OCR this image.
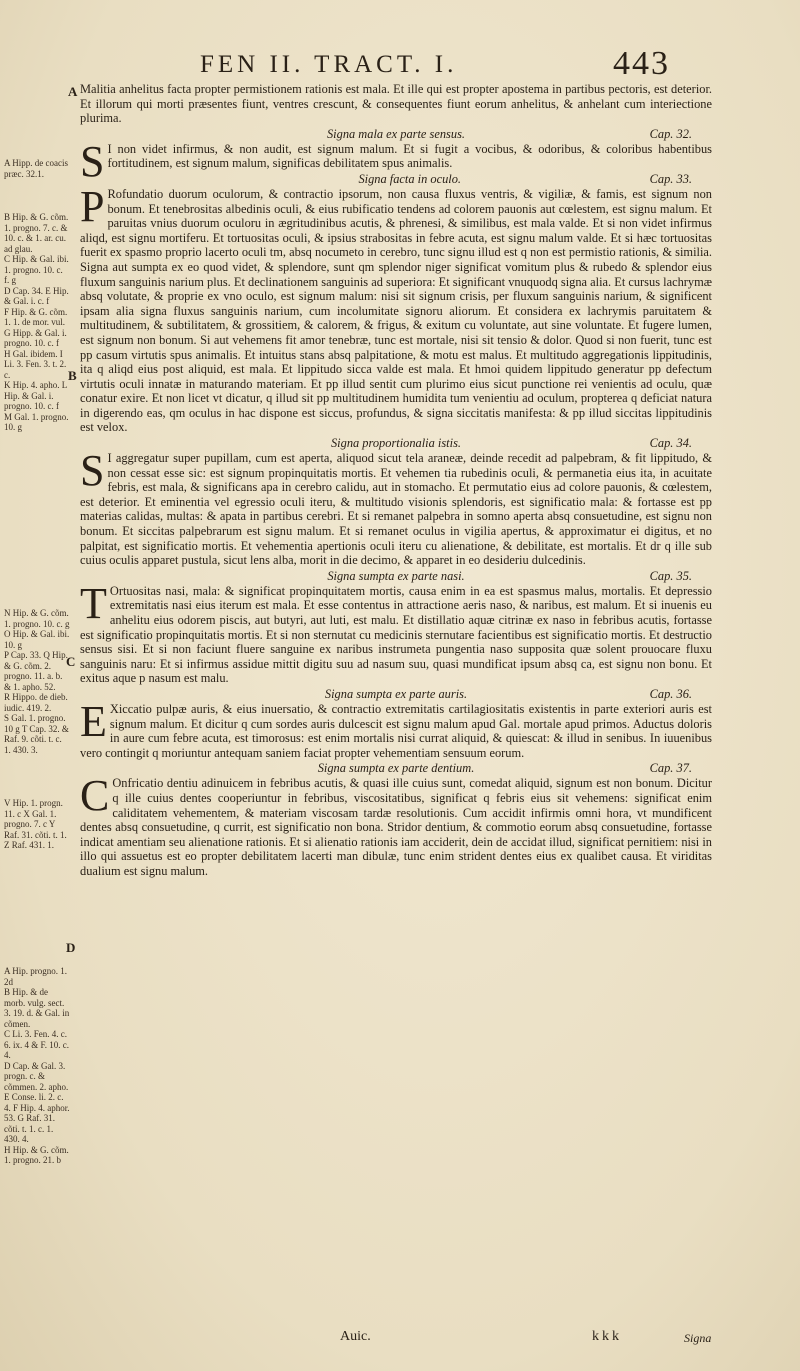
FEN II. TRACT. I.	443
A
B
C
D
A Hipp. de coacis præc. 32.1.
B Hip. & G. cõm. 1. progno. 7. c. & 10. c. & 1. ar. cu. ad glau.
C Hip. & Gal. ibi. 1. progno. 10. c. f. g
D Cap. 34. E Hip. & Gal. i. c. f
F Hip. & G. cõm. 1. 1. de mor. vul.
G Hipp. & Gal. i. progno. 10. c. f
H Gal. ibidem. I Li. 3. Fen. 3. t. 2. c.
K Hip. 4. apho. L Hip. & Gal. i. progno. 10. c. f
M Gal. 1. progno. 10. g
N Hip. & G. cõm. 1. progno. 10. c. g
O Hip. & Gal. ibi. 10. g
P Cap. 33. Q Hip. & G. cõm. 2. progno. 11. a. b. & 1. apho. 52.
R Hippo. de dieb. iudic. 419. 2.
S Gal. 1. progno. 10 g T Cap. 32. & Raf. 9. cõti. t. c. 1. 430. 3.
V Hip. 1. progn. 11. c X Gal. 1. progno. 7. c Y Raf. 31. cõti. t. 1.
Z Raf. 431. 1.
A Hip. progno. 1. 2d
B Hip. & de morb. vulg. sect. 3. 19. d. & Gal. in cõmen.
C Li. 3. Fen. 4. c. 6. ix. 4 & F. 10. c. 4.
D Cap. & Gal. 3. progn. c. & cõmmen. 2. apho.
E Conse. li. 2. c. 4. F Hip. 4. aphor. 53. G Raf. 31. cõti. t. 1. c. 1. 430. 4.
H Hip. & G. cõm. 1. progno. 21. b

Malitia anhelitus facta propter permistionem rationis est mala. Et ille qui est propter apostema in partibus pectoris, est deterior. Et illorum qui morti præsentes fiunt, ventres crescunt, & consequentes fiunt eorum anhelitus, & anhelant cum interiectione plurima.

Signa mala ex parte sensus.	Cap. 32.

S I non videt infirmus, & non audit, est signum malum. Et si fugit a vocibus, & odoribus, & coloribus habentibus fortitudinem, est signum malum, significas debilitatem spus animalis.

Signa facta in oculo.	Cap. 33.

P Rofundatio duorum oculorum, & contractio ipsorum, non causa fluxus ventris, & vigiliæ, & famis, est signum non bonum. Et tenebrositas albedinis oculi, & eius rubificatio tendens ad colorem pauonis aut cœlestem, est signu malum. Et paruitas vnius duorum oculoru in ægritudinibus acutis, & phrenesi, & similibus, est mala valde. Et si non videt infirmus aliqd, est signu mortiferu. Et tortuositas oculi, & ipsius strabositas in febre acuta, est signu malum valde. Et si hæc tortuositas fuerit ex spasmo proprio lacerto oculi tm, absq nocumeto in cerebro, tunc signu illud est q non est permistio rationis, & similia. Signa aut sumpta ex eo quod videt, & splendore, sunt qm splendor niger significat vomitum plus & rubedo & splendor eius fluxum sanguinis narium plus. Et declinationem sanguinis ad superiora: Et significant vnuquodq signa alia. Et cursus lachrymæ absq volutate, & proprie ex vno oculo, est signum malum: nisi sit signum crisis, per fluxum sanguinis narium, & significent ipsam alia signa fluxus sanguinis narium, cum incolumitate signoru aliorum. Et considera ex lachrymis paruitatem & multitudinem, & subtilitatem, & grossitiem, & calorem, & frigus, & exitum cu voluntate, aut sine voluntate. Et fugere lumen, est signum non bonum. Si aut vehemens fit amor tenebræ, tunc est mortale, nisi sit tensio & dolor. Quod si non fuerit, tunc est pp casum virtutis spus animalis. Et intuitus stans absq palpitatione, & motu est malus. Et multitudo aggregationis lippitudinis, ita q aliqd eius post aliquid, est mala. Et lippitudo sicca valde est mala. Et hmoi quidem lippitudo generatur pp defectum virtutis oculi innatæ in maturando materiam. Et pp illud sentit cum plurimo eius sicut punctione rei venientis ad oculu, quæ conatur exire. Et non licet vt dicatur, q illud sit pp multitudinem humidita tum venientiu ad oculum, propterea q deficiat natura in digerendo eas, qm oculus in hac dispone est siccus, profundus, & signa siccitatis manifesta: & pp illud siccitas lippitudinis est velox.

Signa proportionalia istis.	Cap. 34.

S I aggregatur super pupillam, cum est aperta, aliquod sicut tela araneæ, deinde recedit ad palpebram, & fit lippitudo, & non cessat esse sic: est signum propinquitatis mortis. Et vehemen tia rubedinis oculi, & permanetia eius ita, in acuitate febris, est mala, & significans apa in cerebro calidu, aut in stomacho. Et permutatio eius ad colore pauonis, & cœlestem, est deterior. Et eminentia vel egressio oculi iteru, & multitudo visionis splendoris, est significatio mala: & fortasse est pp materias calidas, multas: & apata in partibus cerebri. Et si remanet palpebra in somno aperta absq consuetudine, est signu non bonum. Et siccitas palpebrarum est signu malum. Et si remanet oculus in vigilia apertus, & approximatur ei digitus, et no palpitat, est significatio mortis. Et vehementia apertionis oculi iteru cu alienatione, & debilitate, est mortalis. Et dr q ille sub cuius oculis apparet pustula, sicut lens alba, morit in die decimo, & apparet in eo desideriu dulcedinis.

Signa sumpta ex parte nasi.	Cap. 35.

T Ortuositas nasi, mala: & significat propinquitatem mortis, causa enim in ea est spasmus malus, mortalis. Et depressio extremitatis nasi eius iterum est mala. Et esse contentus in attractione aeris naso, & naribus, est malum. Et si inuenis eu anhelitu eius odorem piscis, aut butyri, aut luti, est malu. Et distillatio aquæ citrinæ ex naso in febribus acutis, fortasse est significatio propinquitatis mortis. Et si non sternutat cu medicinis sternutare facientibus est significatio mortis. Et destructio sensus sisi. Et si non faciunt fluere sanguine ex naribus instrumeta pungentia naso supposita quæ solent prouocare fluxu sanguinis naru: Et si infirmus assidue mittit digitu suu ad nasum suu, quasi mundificat ipsum absq ca, est signu non bonu. Et exitus aque p nasum est malu.

Signa sumpta ex parte auris.	Cap. 36.

E Xiccatio pulpæ auris, & eius inuersatio, & contractio extremitatis cartilagiositatis existentis in parte exteriori auris est signum malum. Et dicitur q cum sordes auris dulcescit est signu malum apud Gal. mortale apud primos. Aductus doloris in aure cum febre acuta, est timorosus: est enim mortalis nisi currat aliquid, & quiescat: & illud in senibus. In iuuenibus vero contingit q moriuntur antequam saniem faciat propter vehementiam sensuum eorum.

Signa sumpta ex parte dentium.	Cap. 37.

C Onfricatio dentiu adinuicem in febribus acutis, & quasi ille cuius sunt, comedat aliquid, signum est non bonum. Dicitur q ille cuius dentes cooperiuntur in febribus, viscositatibus, significat q febris eius sit vehemens: significat enim caliditatem vehementem, & materiam viscosam tardæ resolutionis. Cum accidit infirmis omni hora, vt mundificent dentes absq consuetudine, q currit, est significatio non bona. Stridor dentium, & commotio eorum absq consuetudine, fortasse indicat amentiam seu alienatione rationis. Et si alienatio rationis iam acciderit, dein de accidat illud, significat pernitiem: nisi in illo qui assuetus est eo propter debilitatem lacerti man dibulæ, tunc enim strident dentes eius ex qualibet causa. Et viriditas dualium est signu malum.

Auic.	kkk	Signa
